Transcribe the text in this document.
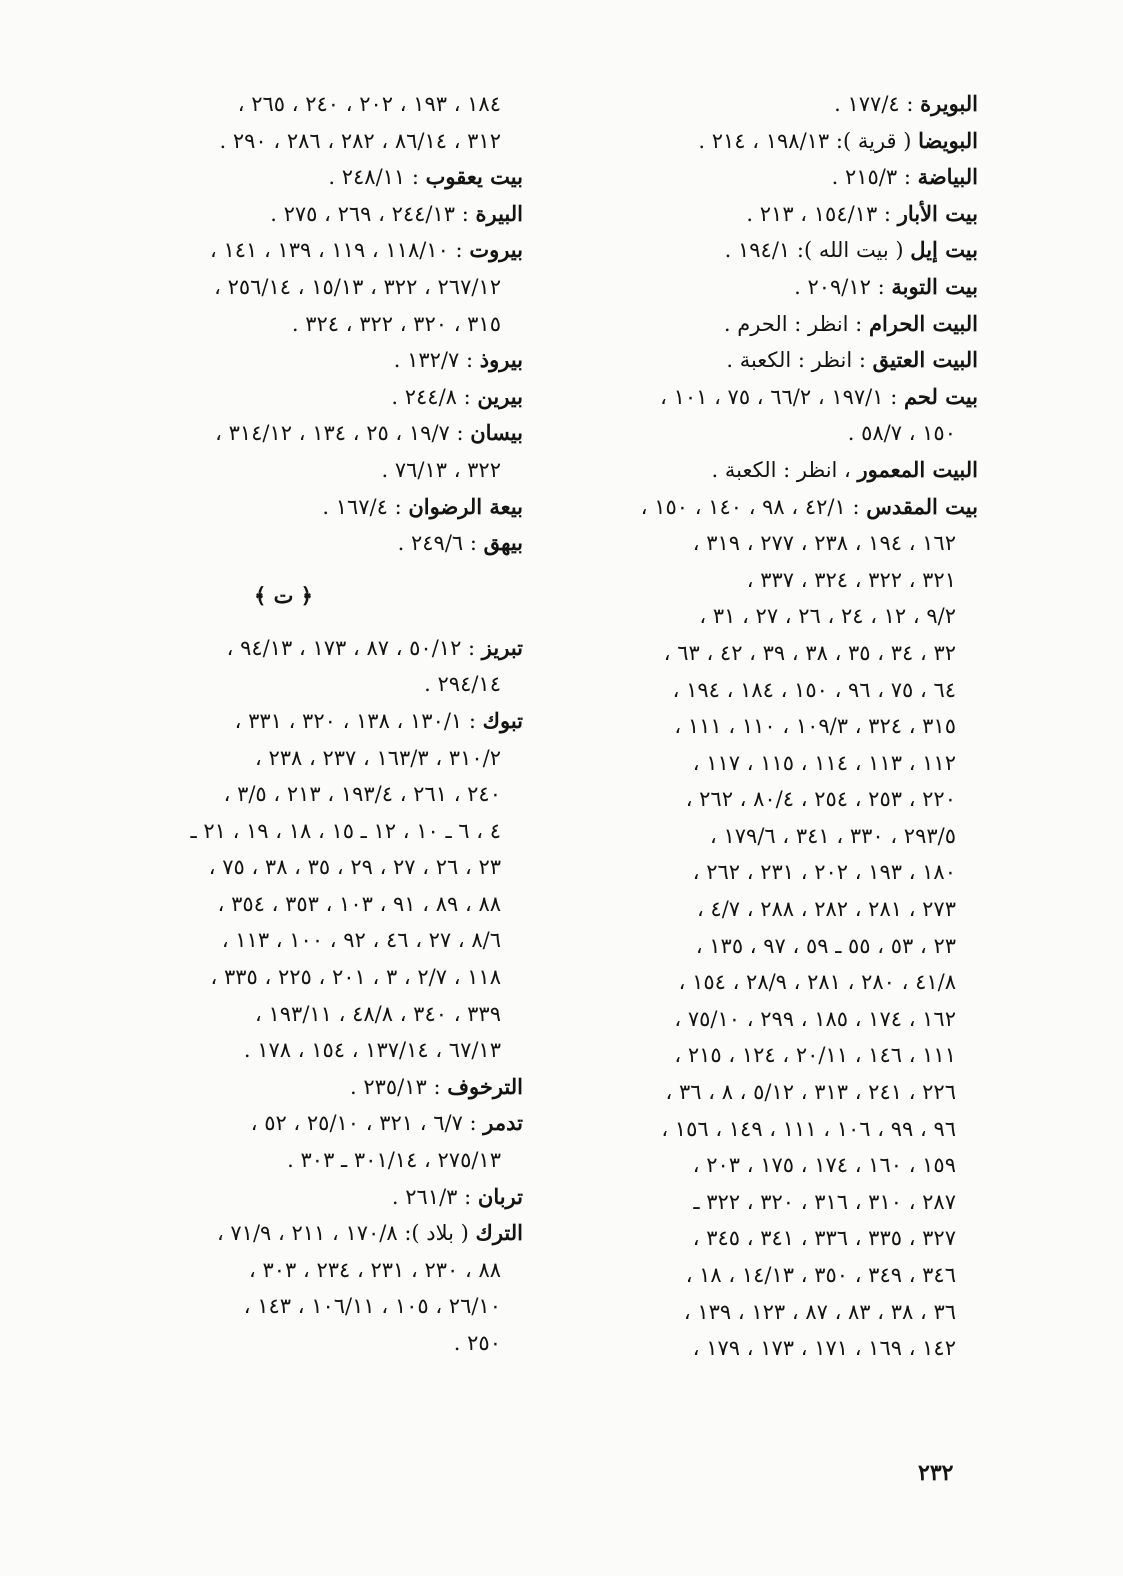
البويرة : ١٧٧/٤ .
البويضا ( قرية ): ١٩٨/١٣ ، ٢١٤ .
البياضة : ٢١٥/٣ .
بيت الأبار : ١٥٤/١٣ ، ٢١٣ .
بيت إيل ( بيت الله ): ١٩٤/١ .
بيت التوبة : ٢٠٩/١٢ .
البيت الحرام : انظر : الحرم .
البيت العتيق : انظر : الكعبة .
بيت لحم : ١٩٧/١ ، ٦٦/٢ ، ٧٥ ، ١٠١ ،
١٥٠ ، ٥٨/٧ .
البيت المعمور ، انظر : الكعبة .
بيت المقدس : ٤٢/١ ، ٩٨ ، ١٤٠ ، ١٥٠ ،
١٦٢ ، ١٩٤ ، ٢٣٨ ، ٢٧٧ ، ٣١٩ ،
٣٢١ ، ٣٢٢ ، ٣٢٤ ، ٣٣٧ ،
٩/٢ ، ١٢ ، ٢٤ ، ٢٦ ، ٢٧ ، ٣١ ،
٣٢ ، ٣٤ ، ٣٥ ، ٣٨ ، ٣٩ ، ٤٢ ، ٦٣ ،
٦٤ ، ٧٥ ، ٩٦ ، ١٥٠ ، ١٨٤ ، ١٩٤ ،
٣١٥ ، ٣٢٤ ، ١٠٩/٣ ، ١١٠ ، ١١١ ،
١١٢ ، ١١٣ ، ١١٤ ، ١١٥ ، ١١٧ ،
٢٢٠ ، ٢٥٣ ، ٢٥٤ ، ٨٠/٤ ، ٢٦٢ ،
٢٩٣/٥ ، ٣٣٠ ، ٣٤١ ، ١٧٩/٦ ،
١٨٠ ، ١٩٣ ، ٢٠٢ ، ٢٣١ ، ٢٦٢ ،
٢٧٣ ، ٢٨١ ، ٢٨٢ ، ٢٨٨ ، ٤/٧ ،
٢٣ ، ٥٣ ، ٥٥ ـ ٥٩ ، ٩٧ ، ١٣٥ ،
٤١/٨ ، ٢٨٠ ، ٢٨١ ، ٢٨/٩ ، ١٥٤ ،
١٦٢ ، ١٧٤ ، ١٨٥ ، ٢٩٩ ، ٧٥/١٠ ،
١١١ ، ١٤٦ ، ٢٠/١١ ، ١٢٤ ، ٢١٥ ،
٢٢٦ ، ٢٤١ ، ٣١٣ ، ٥/١٢ ، ٨ ، ٣٦ ،
٩٦ ، ٩٩ ، ١٠٦ ، ١١١ ، ١٤٩ ، ١٥٦ ،
١٥٩ ، ١٦٠ ، ١٧٤ ، ١٧٥ ، ٢٠٣ ،
٢٨٧ ، ٣١٠ ، ٣١٦ ، ٣٢٠ ، ٣٢٢ ـ
٣٢٧ ، ٣٣٥ ، ٣٣٦ ، ٣٤١ ، ٣٤٥ ،
٣٤٦ ، ٣٤٩ ، ٣٥٠ ، ١٤/١٣ ، ١٨ ،
٣٦ ، ٣٨ ، ٨٣ ، ٨٧ ، ١٢٣ ، ١٣٩ ،
١٤٢ ، ١٦٩ ، ١٧١ ، ١٧٣ ، ١٧٩ ،
١٨٤ ، ١٩٣ ، ٢٠٢ ، ٢٤٠ ، ٢٦٥ ،
٣١٢ ، ٨٦/١٤ ، ٢٨٢ ، ٢٨٦ ، ٢٩٠ .
بيت يعقوب : ٢٤٨/١١ .
البيرة : ٢٤٤/١٣ ، ٢٦٩ ، ٢٧٥ .
بيروت : ١١٨/١٠ ، ١١٩ ، ١٣٩ ، ١٤١ ،
٢٦٧/١٢ ، ٣٢٢ ، ١٥/١٣ ، ٢٥٦/١٤ ،
٣١٥ ، ٣٢٠ ، ٣٢٢ ، ٣٢٤ .
بيروذ : ١٣٢/٧ .
بيرين : ٢٤٤/٨ .
بيسان : ١٩/٧ ، ٢٥ ، ١٣٤ ، ٣١٤/١٢ ،
٣٢٢ ، ٧٦/١٣ .
بيعة الرضوان : ١٦٧/٤ .
بيهق : ٢٤٩/٦ .
﴿ ت ﴾
تبريز : ٥٠/١٢ ، ٨٧ ، ١٧٣ ، ٩٤/١٣ ،
٢٩٤/١٤ .
تبوك : ١٣٠/١ ، ١٣٨ ، ٣٢٠ ، ٣٣١ ،
٣١٠/٢ ، ١٦٣/٣ ، ٢٣٧ ، ٢٣٨ ،
٢٤٠ ، ٢٦١ ، ١٩٣/٤ ، ٢١٣ ، ٣/٥ ،
٤ ، ٦ ـ ١٠ ، ١٢ ـ ١٥ ، ١٨ ، ١٩ ، ٢١ ـ
٢٣ ، ٢٦ ، ٢٧ ، ٢٩ ، ٣٥ ، ٣٨ ، ٧٥ ،
٨٨ ، ٨٩ ، ٩١ ، ١٠٣ ، ٣٥٣ ، ٣٥٤ ،
٨/٦ ، ٢٧ ، ٤٦ ، ٩٢ ، ١٠٠ ، ١١٣ ،
١١٨ ، ٢/٧ ، ٣ ، ٢٠١ ، ٢٢٥ ، ٣٣٥ ،
٣٣٩ ، ٣٤٠ ، ٤٨/٨ ، ١٩٣/١١ ،
٦٧/١٣ ، ١٣٧/١٤ ، ١٥٤ ، ١٧٨ .
الترخوف : ٢٣٥/١٣ .
تدمر : ٦/٧ ، ٣٢١ ، ٢٥/١٠ ، ٥٢ ،
٢٧٥/١٣ ، ٣٠١/١٤ ـ ٣٠٣ .
تربان : ٢٦١/٣ .
الترك ( بلاد ): ١٧٠/٨ ، ٢١١ ، ٧١/٩ ،
٨٨ ، ٢٣٠ ، ٢٣١ ، ٢٣٤ ، ٣٠٣ ،
٢٦/١٠ ، ١٠٥ ، ١٠٦/١١ ، ١٤٣ ،
٢٥٠ .
٢٣٢
